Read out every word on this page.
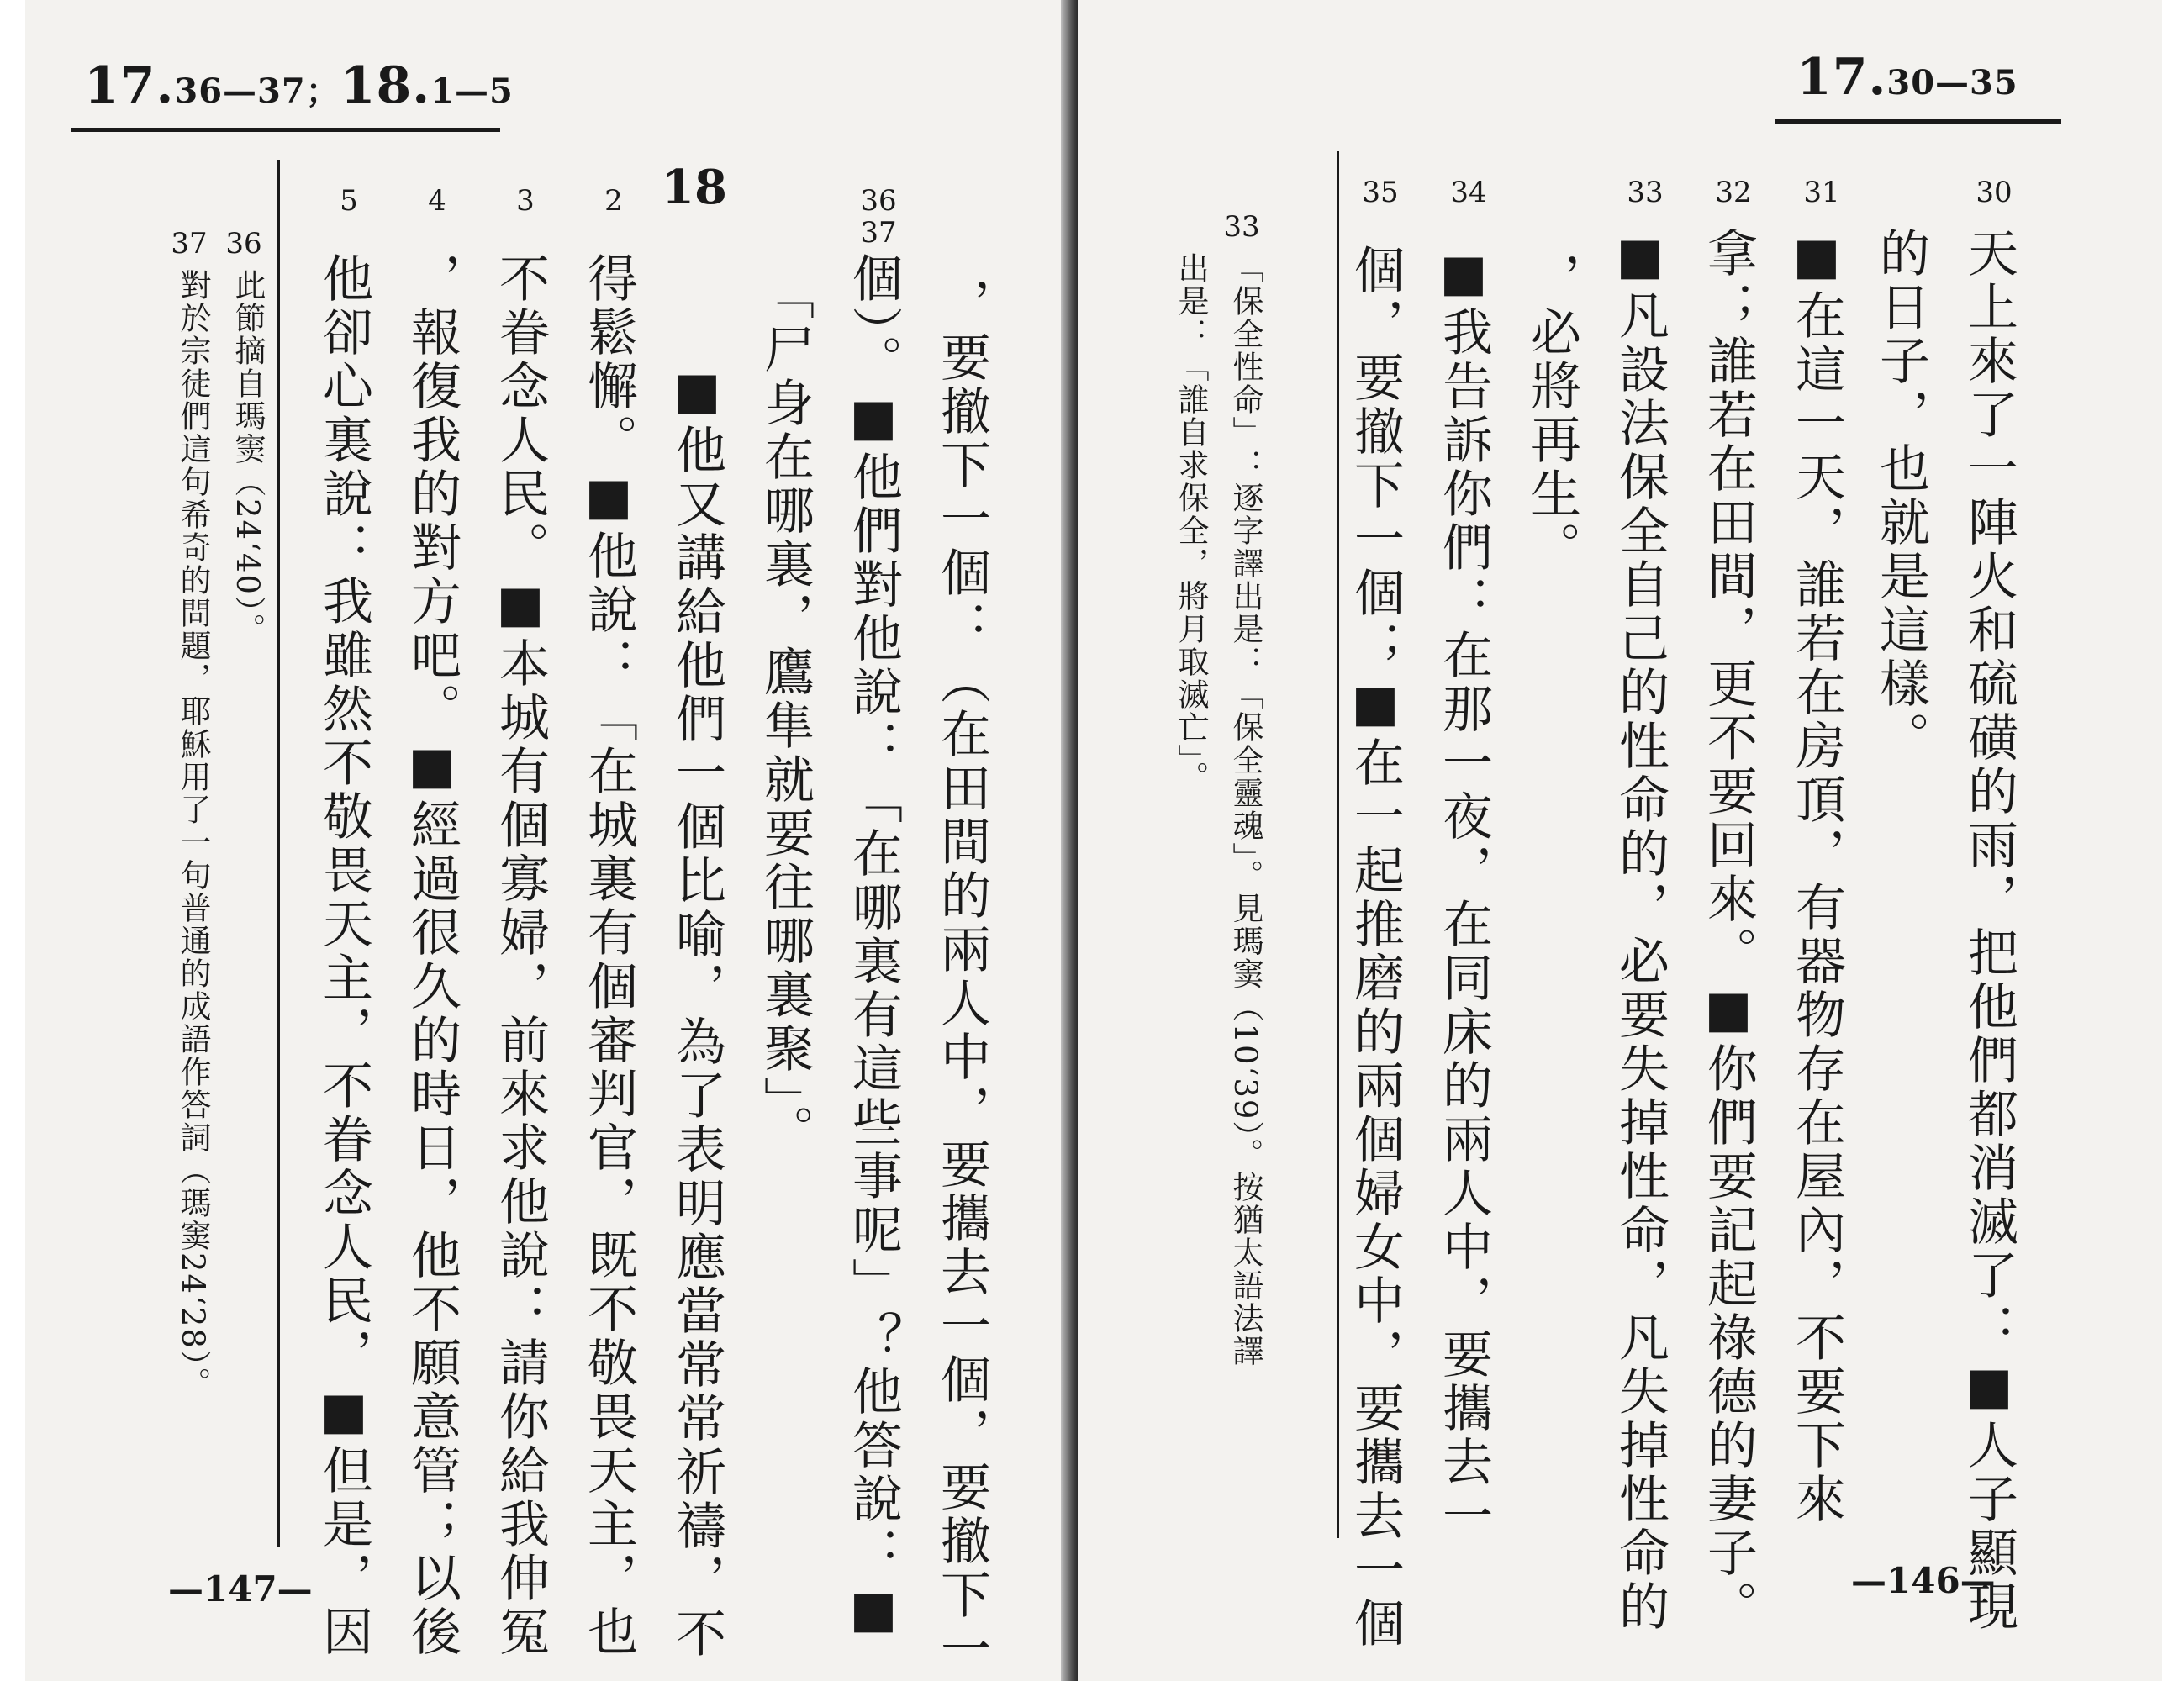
17.36—37；18.1—5
，要撤下一個：（在田間的兩人中，要攜去一個，要撤下一
36 37
個）。■他們對他說：「在哪裏有這些事呢」？他答說：■
「尸身在哪裏，鷹隼就要往哪裏聚」。
18
2
■他又講給他們一個比喻，為了表明應當常常祈禱，不
得鬆懈。■他說：「在城裏有個審判官，既不敬畏天主，也
3
不眷念人民。■本城有個寡婦，前來求他說：請你給我伸冤
4
，報復我的對方吧。■經過很久的時日，他不願意管；以後
5
他卻心裏說：我雖然不敬畏天主，不眷念人民，■但是，因
36
此節摘自瑪窦（24‘40）。
37
對於宗徒們這句希奇的問題，耶穌用了一句普通的成語作答詞（瑪窦24‘28）。
—147—
17.30—35
30
天上來了一陣火和硫磺的雨，把他們都消滅了：■人子顯現
的日子，也就是這樣。
31
■在這一天，誰若在房頂，有器物存在屋內，不要下來
32
拿；誰若在田間，更不要回來。■你們要記起祿德的妻子。
33
■凡設法保全自己的性命的，必要失掉性命，凡失掉性命的
，必將再生。
34
■我告訴你們：在那一夜，在同床的兩人中，要攜去一
35
個，要撤下一個；■在一起推磨的兩個婦女中，要攜去一個
33
「保全性命」：逐字譯出是：「保全靈魂」。見瑪窦（10‘39）。按猶太語法譯
出是：「誰自求保全，將月取滅亡」。
—146—
